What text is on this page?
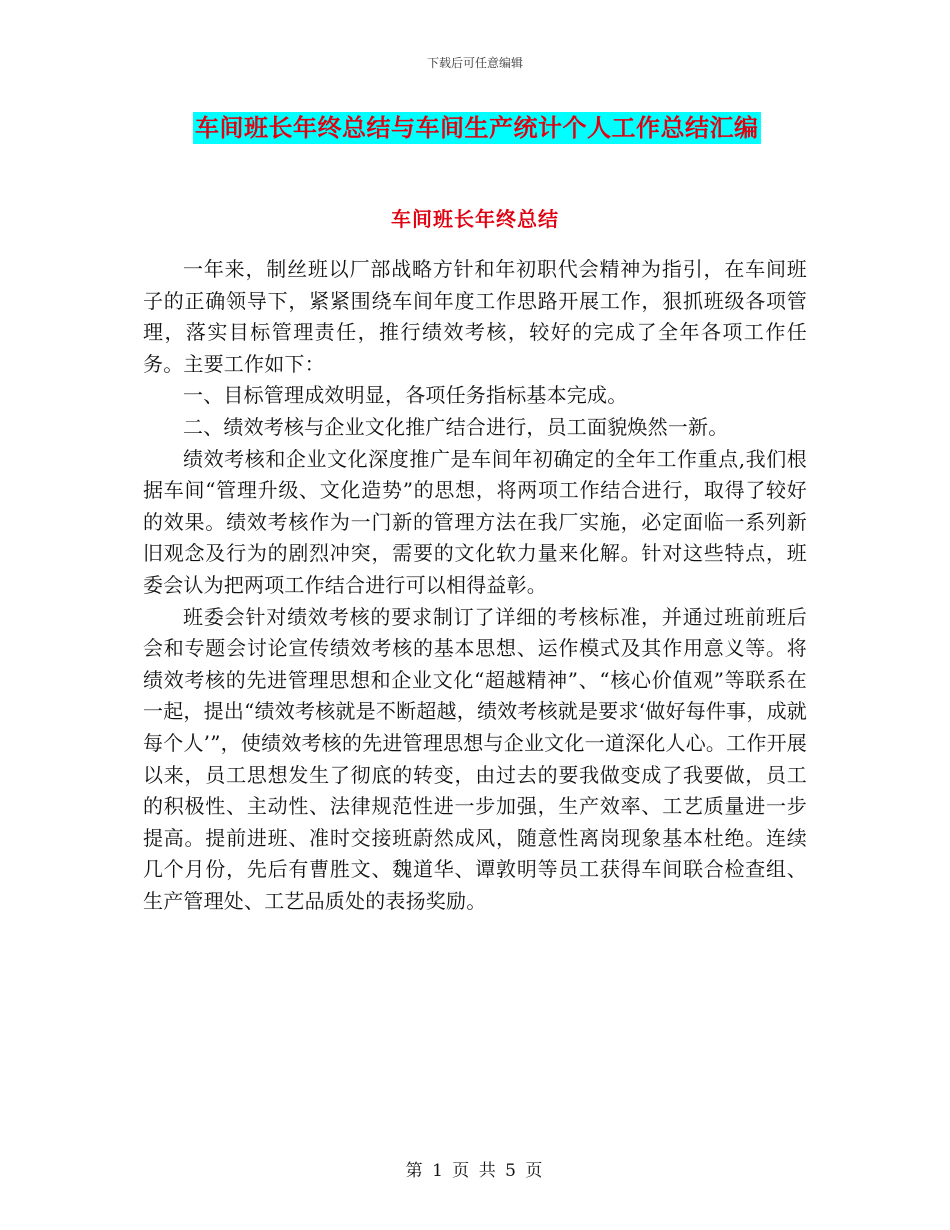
下载后可任意编辑
车间班长年终总结与车间生产统计个人工作总结汇编
车间班长年终总结

一年来，制丝班以厂部战略方针和年初职代会精神为指引，在车间班子的正确领导下，紧紧围绕车间年度工作思路开展工作，狠抓班级各项管理，落实目标管理责任，推行绩效考核，较好的完成了全年各项工作任务。主要工作如下：

一、目标管理成效明显，各项任务指标基本完成。

二、绩效考核与企业文化推广结合进行，员工面貌焕然一新。

绩效考核和企业文化深度推广是车间年初确定的全年工作重点,我们根据车间“管理升级、文化造势”的思想，将两项工作结合进行，取得了较好的效果。绩效考核作为一门新的管理方法在我厂实施，必定面临一系列新旧观念及行为的剧烈冲突，需要的文化软力量来化解。针对这些特点，班委会认为把两项工作结合进行可以相得益彰。

班委会针对绩效考核的要求制订了详细的考核标准，并通过班前班后会和专题会讨论宣传绩效考核的基本思想、运作模式及其作用意义等。将绩效考核的先进管理思想和企业文化“超越精神”、“核心价值观”等联系在一起，提出“绩效考核就是不断超越，绩效考核就是要求‘做好每件事，成就每个人’”，使绩效考核的先进管理思想与企业文化一道深化人心。工作开展以来，员工思想发生了彻底的转变，由过去的要我做变成了我要做，员工的积极性、主动性、法律规范性进一步加强，生产效率、工艺质量进一步提高。提前进班、准时交接班蔚然成风，随意性离岗现象基本杜绝。连续几个月份，先后有曹胜文、魏道华、谭敦明等员工获得车间联合检查组、生产管理处、工艺品质处的表扬奖励。

第 1 页 共 5 页
